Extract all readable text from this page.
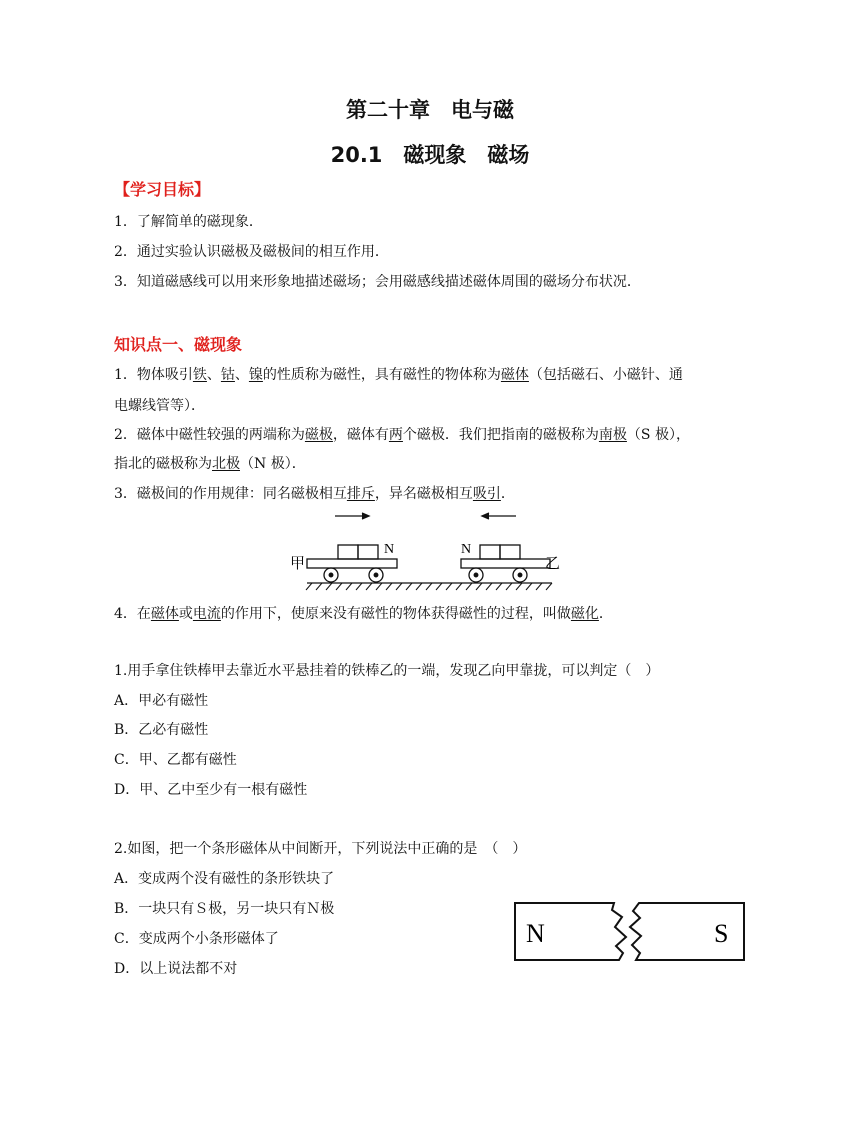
第二十章　电与磁
20.1　磁现象　磁场
【学习目标】
1．了解简单的磁现象．
2．通过实验认识磁极及磁极间的相互作用．
3．知道磁感线可以用来形象地描述磁场；会用磁感线描述磁体周围的磁场分布状况．
知识点一、磁现象
1．物体吸引铁、钴、镍的性质称为磁性，具有磁性的物体称为磁体（包括磁石、小磁针、通
电螺线管等）．
2．磁体中磁性较强的两端称为磁极，磁体有两个磁极．我们把指南的磁极称为南极（S 极），
指北的磁极称为北极（N 极）．
3．磁极间的作用规律：同名磁极相互排斥，异名磁极相互吸引．
甲
N	N
乙
4．在磁体或电流的作用下，使原来没有磁性的物体获得磁性的过程，叫做磁化．
1.用手拿住铁棒甲去靠近水平悬挂着的铁棒乙的一端，发现乙向甲靠拢，可以判定（　）
A．甲必有磁性
B．乙必有磁性
C．甲、乙都有磁性
D．甲、乙中至少有一根有磁性
2.如图，把一个条形磁体从中间断开，下列说法中正确的是　（　）
A．变成两个没有磁性的条形铁块了
B．一块只有Ｓ极，另一块只有Ｎ极
C．变成两个小条形磁体了
D．以上说法都不对
N	S
